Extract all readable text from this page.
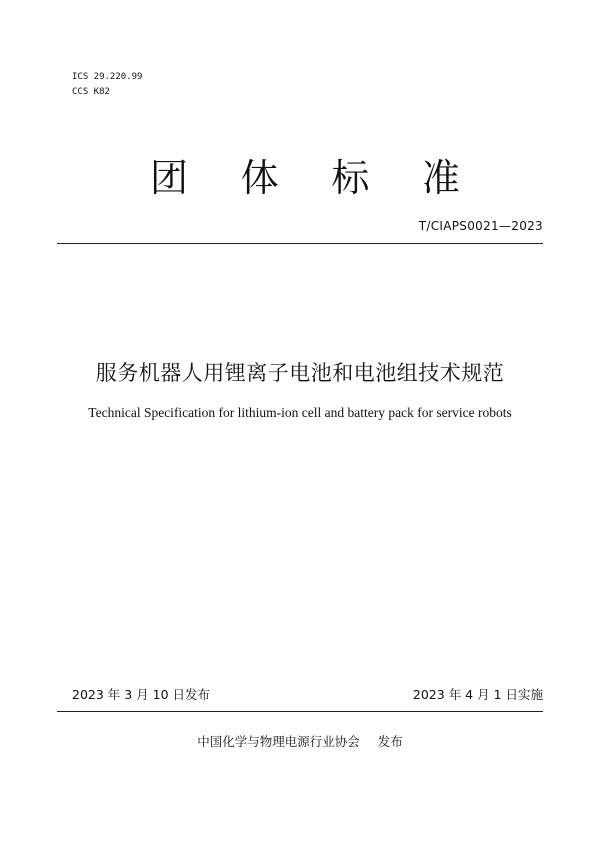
ICS 29.220.99
CCS K82
团 体 标 准
T/CIAPS0021—2023
服务机器人用锂离子电池和电池组技术规范
Technical Specification for lithium-ion cell and battery pack for service robots
2023 年 3 月 10 日发布	2023 年 4 月 1 日实施
中国化学与物理电源行业协会 发布
